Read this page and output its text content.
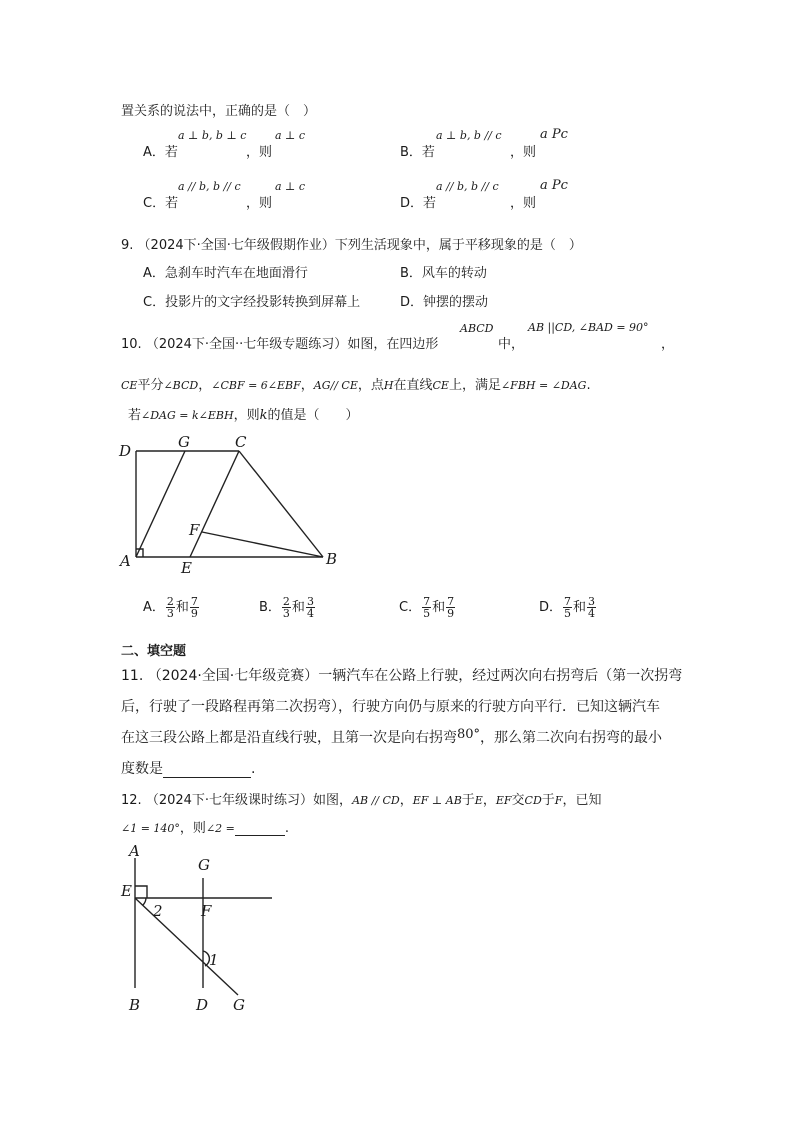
置关系的说法中，正确的是（　）
A．若
a ⊥ b, b ⊥ c
，则
a ⊥ c
B．若
a ⊥ b, b // c
，则
a Pc
C．若
a // b, b // c
，则
a ⊥ c
D．若
a // b, b // c
，则
a Pc
9. （2024下·全国·七年级假期作业）下列生活现象中，属于平移现象的是（　）
A．急刹车时汽车在地面滑行	B．风车的转动
C．投影片的文字经投影转换到屏幕上	D．钟摆的摆动
10. （2024下·全国··七年级专题练习）如图，在四边形
ABCD
中，
AB ||CD, ∠BAD = 90°
，
CE平分∠BCD，∠CBF = 6∠EBF，AG// CE，点H在直线CE上，满足∠FBH = ∠DAG.
若∠DAG = k∠EBH，则k的值是（　　）
D	G	C
F
A	E	B
A． $\frac{2}{3}$ 和 $\frac{7}{9}$	B． $\frac{2}{3}$ 和 $\frac{3}{4}$	C． $\frac{7}{5}$ 和 $\frac{7}{9}$	D． $\frac{7}{5}$ 和 $\frac{3}{4}$
二、填空题
11. （2024·全国·七年级竞赛）一辆汽车在公路上行驶，经过两次向右拐弯后（第一次拐弯
后，行驶了一段路程再第二次拐弯），行驶方向仍与原来的行驶方向平行．已知这辆汽车
在这三段公路上都是沿直线行驶，且第一次是向右拐弯80°，那么第二次向右拐弯的最小
度数是	.
12. （2024下·七年级课时练习）如图，AB // CD，EF ⊥ AB于E，EF交CD于F，已知
∠1 = 140°，则∠2 =	.
A
G
E
2	F
1
B	D G
